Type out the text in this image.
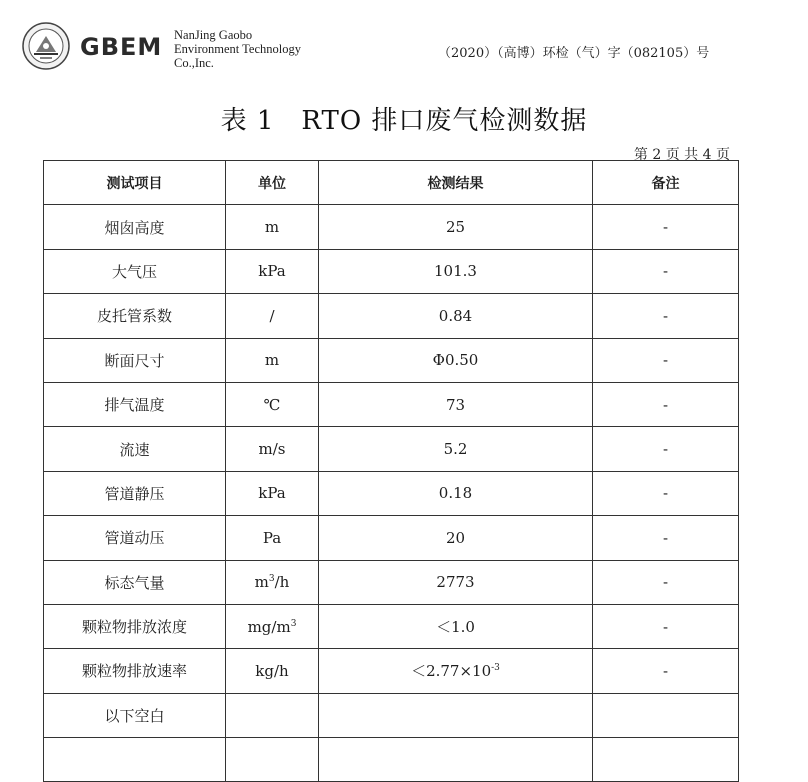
GBEM NanJing Gaobo
Environment Technology
Co.,Inc.
（2020）（高博）环检（气）字（082105）号
表 1　RTO 排口废气检测数据
第 2 页 共 4 页
测试项目	单位	检测结果	备注
烟囱高度	m	25	-
大气压	kPa	101.3	-
皮托管系数	/	0.84	-
断面尺寸	m	Φ0.50	-
排气温度	℃	73	-
流速	m/s	5.2	-
管道静压	kPa	0.18	-
管道动压	Pa	20	-
标态气量	$m^3/h$	2773	-
颗粒物排放浓度	$mg/m^3$	＜1.0	-
颗粒物排放速率	kg/h	$<2.77\times 10^{-3}$	-
以下空白			
